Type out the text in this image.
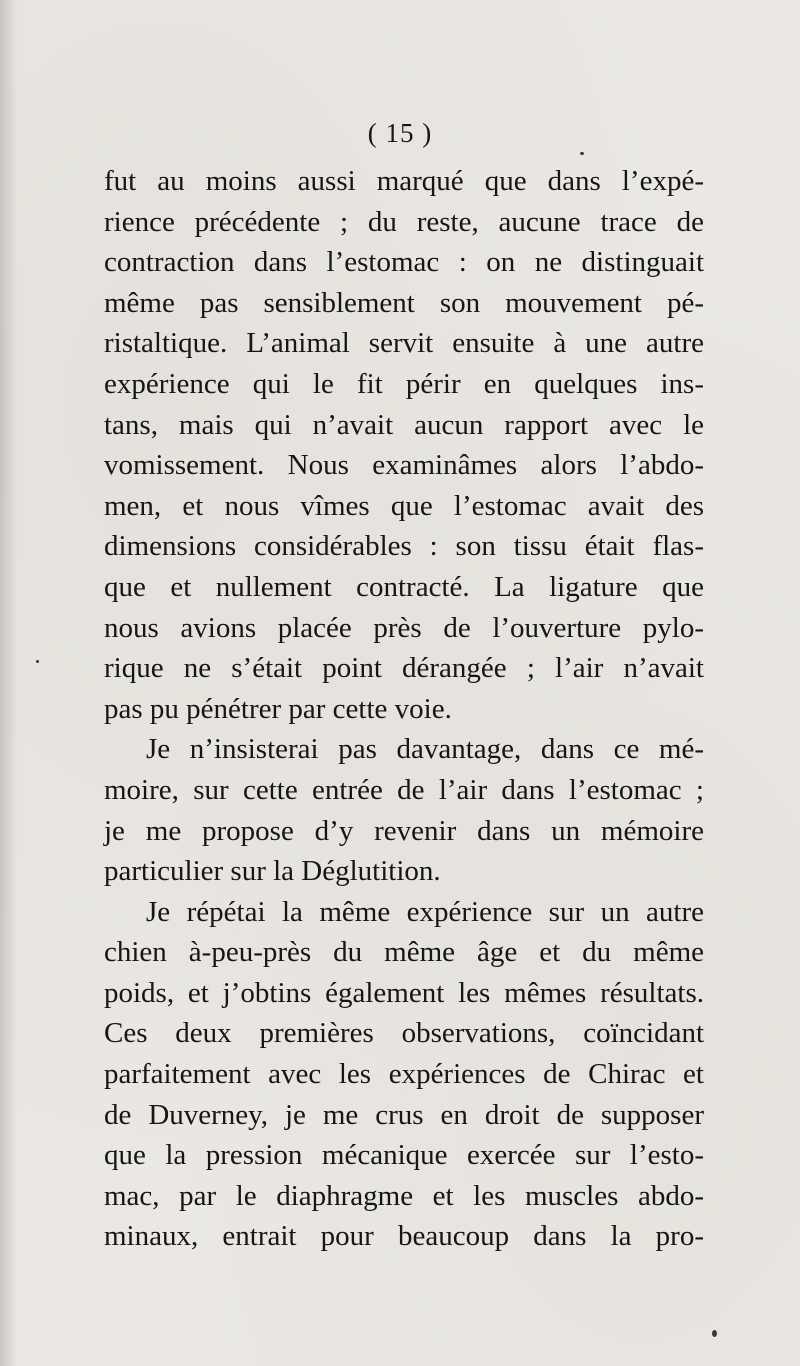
( 15 )
fut au moins aussi marqué que dans l’expé-
rience précédente ; du reste, aucune trace de
contraction dans l’estomac : on ne distinguait
même pas sensiblement son mouvement pé-
ristaltique. L’animal servit ensuite à une autre
expérience qui le fit périr en quelques ins-
tans, mais qui n’avait aucun rapport avec le
vomissement. Nous examinâmes alors l’abdo-
men, et nous vîmes que l’estomac avait des
dimensions considérables : son tissu était flas-
que et nullement contracté. La ligature que
nous avions placée près de l’ouverture pylo-
rique ne s’était point dérangée ; l’air n’avait
pas pu pénétrer par cette voie.
Je n’insisterai pas davantage, dans ce mé-
moire, sur cette entrée de l’air dans l’estomac ;
je me propose d’y revenir dans un mémoire
particulier sur la Déglutition.
Je répétai la même expérience sur un autre
chien à-peu-près du même âge et du même
poids, et j’obtins également les mêmes résultats.
Ces deux premières observations, coïncidant
parfaitement avec les expériences de Chirac et
de Duverney, je me crus en droit de supposer
que la pression mécanique exercée sur l’esto-
mac, par le diaphragme et les muscles abdo-
minaux, entrait pour beaucoup dans la pro-
